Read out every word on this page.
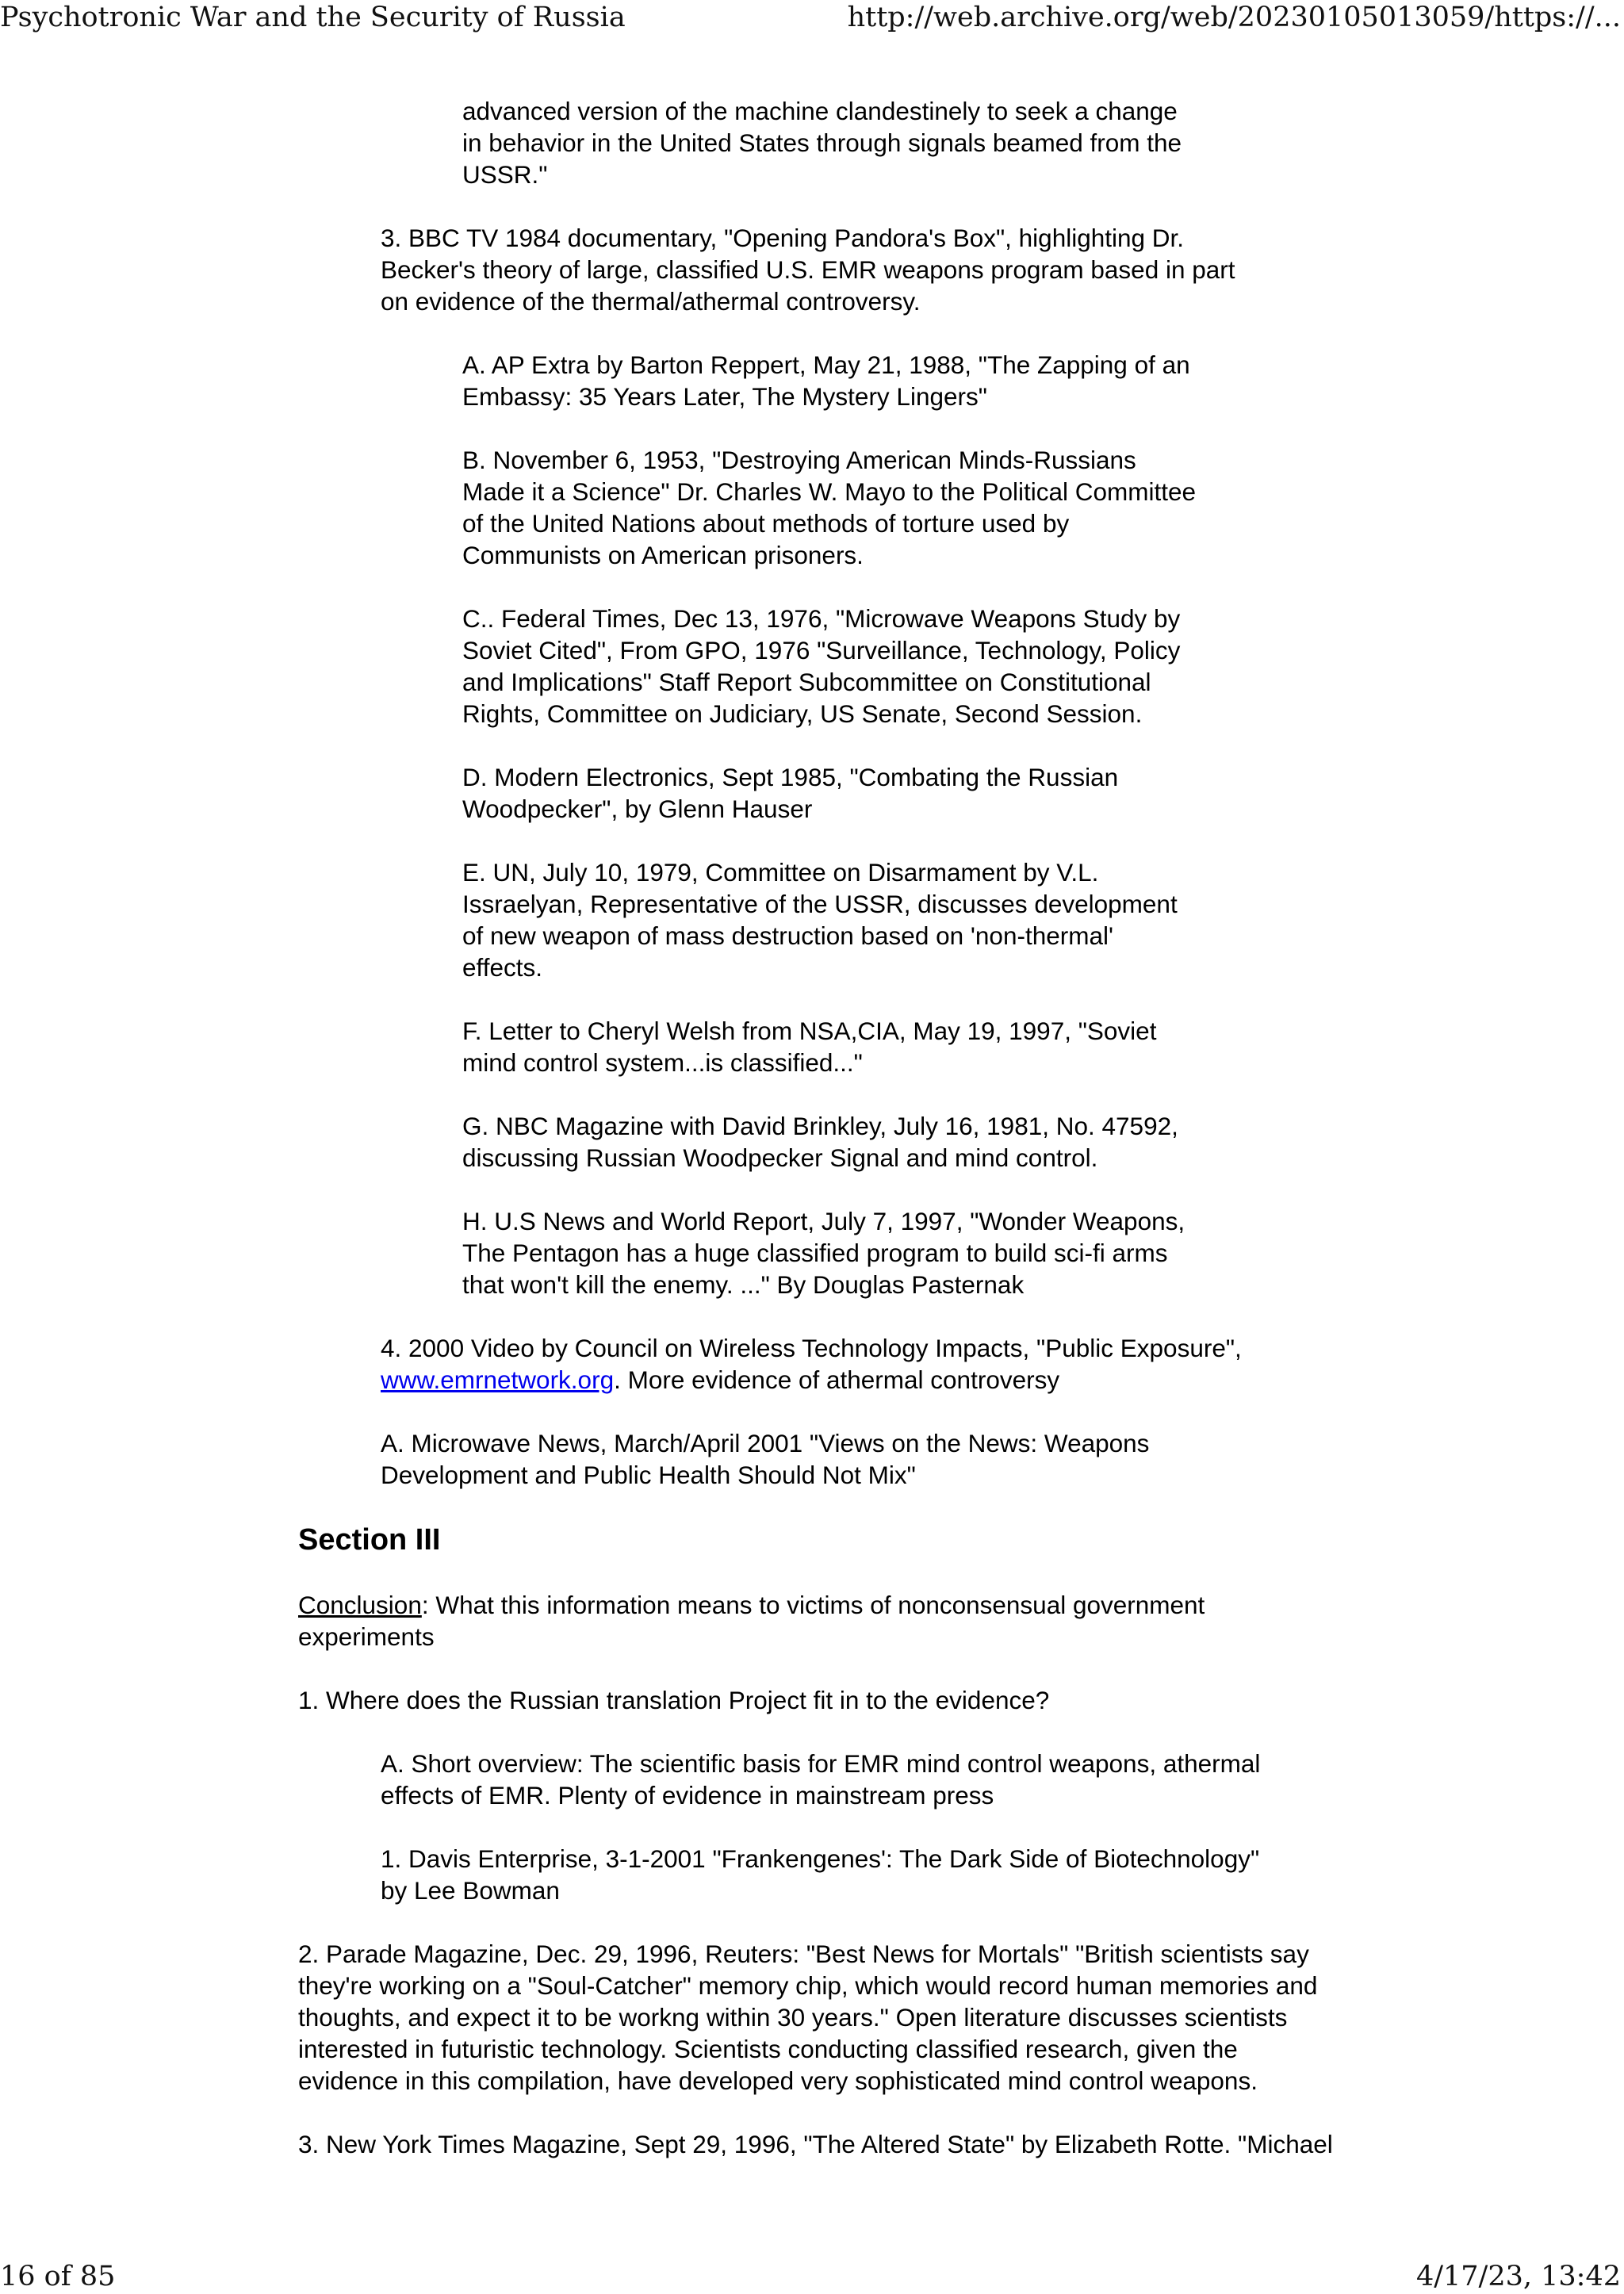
Psychotronic War and the Security of Russia	http://web.archive.org/web/20230105013059/https://...
advanced version of the machine clandestinely to seek a change
in behavior in the United States through signals beamed from the
USSR."
3. BBC TV 1984 documentary, "Opening Pandora's Box", highlighting Dr.
Becker's theory of large, classified U.S. EMR weapons program based in part
on evidence of the thermal/athermal controversy.
A. AP Extra by Barton Reppert, May 21, 1988, "The Zapping of an
Embassy: 35 Years Later, The Mystery Lingers"
B. November 6, 1953, "Destroying American Minds-Russians
Made it a Science" Dr. Charles W. Mayo to the Political Committee
of the United Nations about methods of torture used by
Communists on American prisoners.
C.. Federal Times, Dec 13, 1976, "Microwave Weapons Study by
Soviet Cited", From GPO, 1976 "Surveillance, Technology, Policy
and Implications" Staff Report Subcommittee on Constitutional
Rights, Committee on Judiciary, US Senate, Second Session.
D. Modern Electronics, Sept 1985, "Combating the Russian
Woodpecker", by Glenn Hauser
E. UN, July 10, 1979, Committee on Disarmament by V.L.
Issraelyan, Representative of the USSR, discusses development
of new weapon of mass destruction based on 'non-thermal'
effects.
F. Letter to Cheryl Welsh from NSA,CIA, May 19, 1997, "Soviet
mind control system...is classified..."
G. NBC Magazine with David Brinkley, July 16, 1981, No. 47592,
discussing Russian Woodpecker Signal and mind control.
H. U.S News and World Report, July 7, 1997, "Wonder Weapons,
The Pentagon has a huge classified program to build sci-fi arms
that won't kill the enemy. ..." By Douglas Pasternak
4. 2000 Video by Council on Wireless Technology Impacts, "Public Exposure",
www.emrnetwork.org. More evidence of athermal controversy
A. Microwave News, March/April 2001 "Views on the News: Weapons
Development and Public Health Should Not Mix"
Section III
Conclusion: What this information means to victims of nonconsensual government
experiments
1. Where does the Russian translation Project fit in to the evidence?
A. Short overview: The scientific basis for EMR mind control weapons, athermal
effects of EMR. Plenty of evidence in mainstream press
1. Davis Enterprise, 3-1-2001 "Frankengenes': The Dark Side of Biotechnology"
by Lee Bowman
2. Parade Magazine, Dec. 29, 1996, Reuters: "Best News for Mortals" "British scientists say
they're working on a "Soul-Catcher" memory chip, which would record human memories and
thoughts, and expect it to be workng within 30 years." Open literature discusses scientists
interested in futuristic technology. Scientists conducting classified research, given the
evidence in this compilation, have developed very sophisticated mind control weapons.
3. New York Times Magazine, Sept 29, 1996, "The Altered State" by Elizabeth Rotte. "Michael
16 of 85	4/17/23, 13:42
